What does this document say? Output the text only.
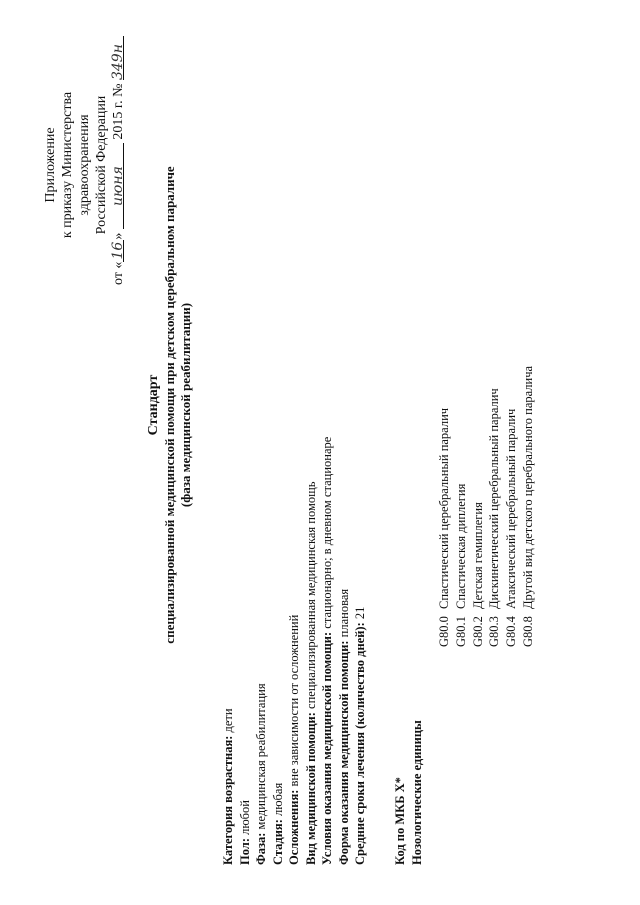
Приложение к приказу Министерства здравоохранения Российской Федерации
от «16» июня 2015 г. № 349н
Стандарт специализированной медицинской помощи при детском церебральном параличе (фаза медицинской реабилитации)
Категория возрастная: дети
Пол: любой
Фаза: медицинская реабилитация
Стадия: любая Осложнения: вне зависимости от осложнений
Вид медицинской помощи: специализированная медицинская помощь
Условия оказания медицинской помощи: стационарно; в дневном стационаре
Форма оказания медицинской помощи: плановая
Средние сроки лечения (количество дней): 21
Код по МКБ X* Нозологические единицы
G80.0Спастический церебральный паралич
G80.1Спастическая диплегия
G80.2Детская гемиплегия
G80.3Дискинетический церебральный паралич
G80.4Атаксический церебральный паралич
G80.8Другой вид детского церебрального паралича
